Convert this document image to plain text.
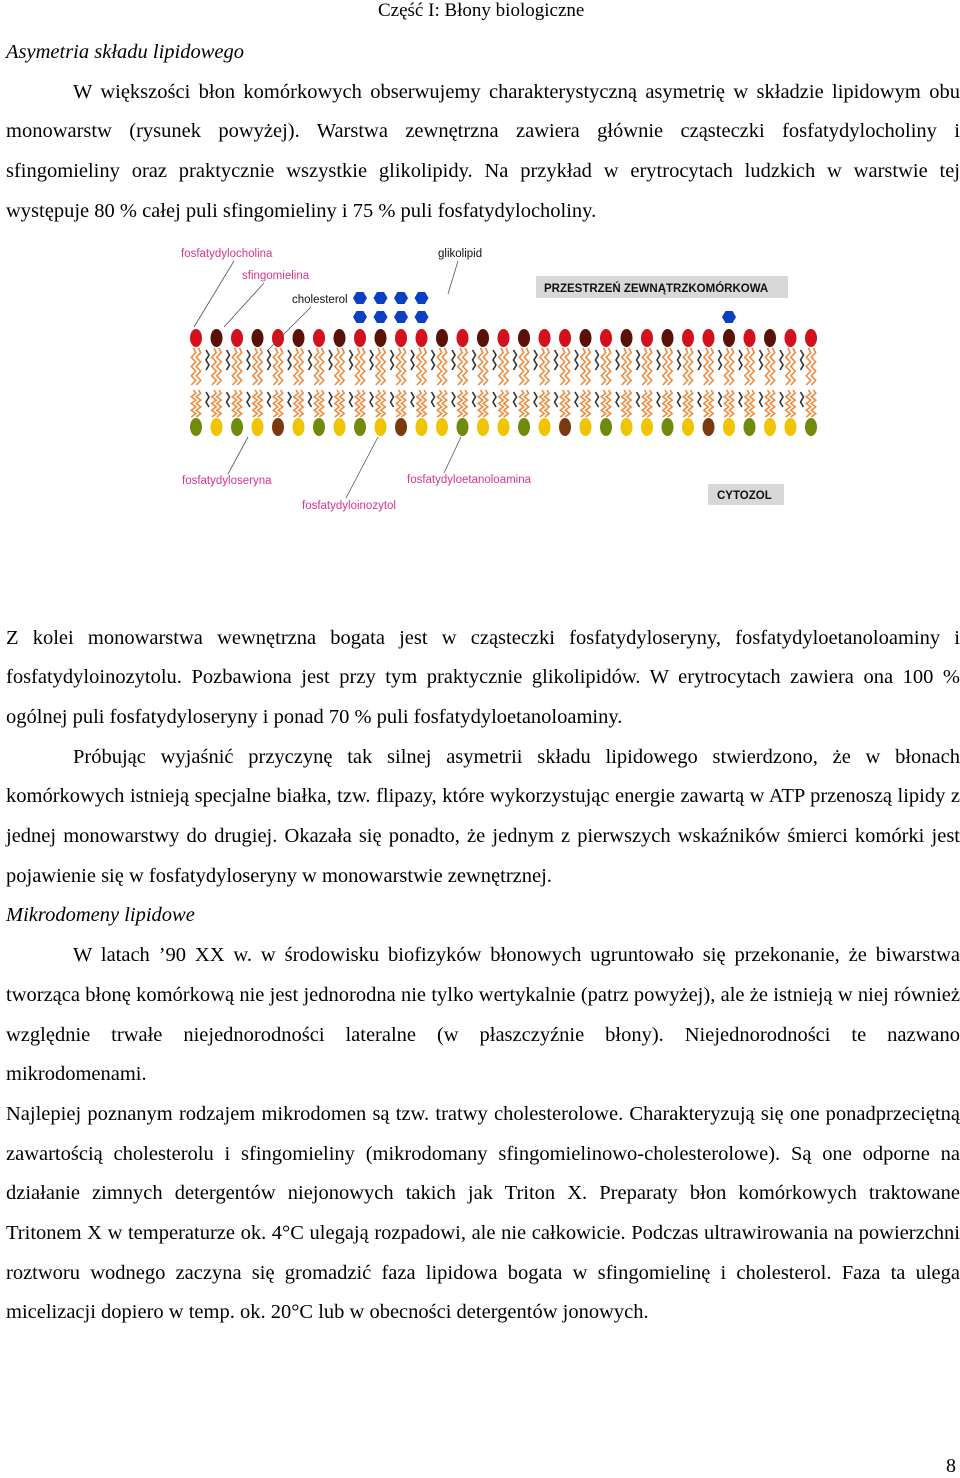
Część I: Błony biologiczne

Asymetria składu lipidowego

W większości błon komórkowych obserwujemy charakterystyczną asymetrię w składzie lipidowym obu monowarstw (rysunek powyżej). Warstwa zewnętrzna zawiera głównie cząsteczki fosfatydylocholiny i sfingomieliny oraz praktycznie wszystkie glikolipidy. Na przykład w erytrocytach ludzkich w warstwie tej występuje 80 % całej puli sfingomieliny i 75 % puli fosfatydylocholiny.

fosfatydylocholina
sfingomielina
cholesterol
glikolipid
PRZESTRZEŃ ZEWNĄTRZKOMÓRKOWA
fosfatydyloseryna	fosfatydyloetanoloamina
fosfatydyloinozytol
CYTOZOL

Z kolei monowarstwa wewnętrzna bogata jest w cząsteczki fosfatydyloseryny, fosfatydyloetanoloaminy i fosfatydyloinozytolu. Pozbawiona jest przy tym praktycznie glikolipidów. W erytrocytach zawiera ona 100 % ogólnej puli fosfatydyloseryny i ponad 70 % puli fosfatydyloetanoloaminy.

Próbując wyjaśnić przyczynę tak silnej asymetrii składu lipidowego stwierdzono, że w błonach komórkowych istnieją specjalne białka, tzw. flipazy, które wykorzystując energie zawartą w ATP przenoszą lipidy z jednej monowarstwy do drugiej. Okazała się ponadto, że jednym z pierwszych wskaźników śmierci komórki jest pojawienie się w fosfatydyloseryny w monowarstwie zewnętrznej.

Mikrodomeny lipidowe

W latach ’90 XX w. w środowisku biofizyków błonowych ugruntowało się przekonanie, że biwarstwa tworząca błonę komórkową nie jest jednorodna nie tylko wertykalnie (patrz powyżej), ale że istnieją w niej również względnie trwałe niejednorodności lateralne (w płaszczyźnie błony). Niejednorodności te nazwano mikrodomenami.

Najlepiej poznanym rodzajem mikrodomen są tzw. tratwy cholesterolowe. Charakteryzują się one ponadprzeciętną zawartością cholesterolu i sfingomieliny (mikrodomany sfingomielinowo-cholesterolowe). Są one odporne na działanie zimnych detergentów niejonowych takich jak Triton X. Preparaty błon komórkowych traktowane Tritonem X w temperaturze ok. 4°C ulegają rozpadowi, ale nie całkowicie. Podczas ultrawirowania na powierzchni roztworu wodnego zaczyna się gromadzić faza lipidowa bogata w sfingomielinę i cholesterol. Faza ta ulega micelizacji dopiero w temp. ok. 20°C lub w obecności detergentów jonowych.

8
